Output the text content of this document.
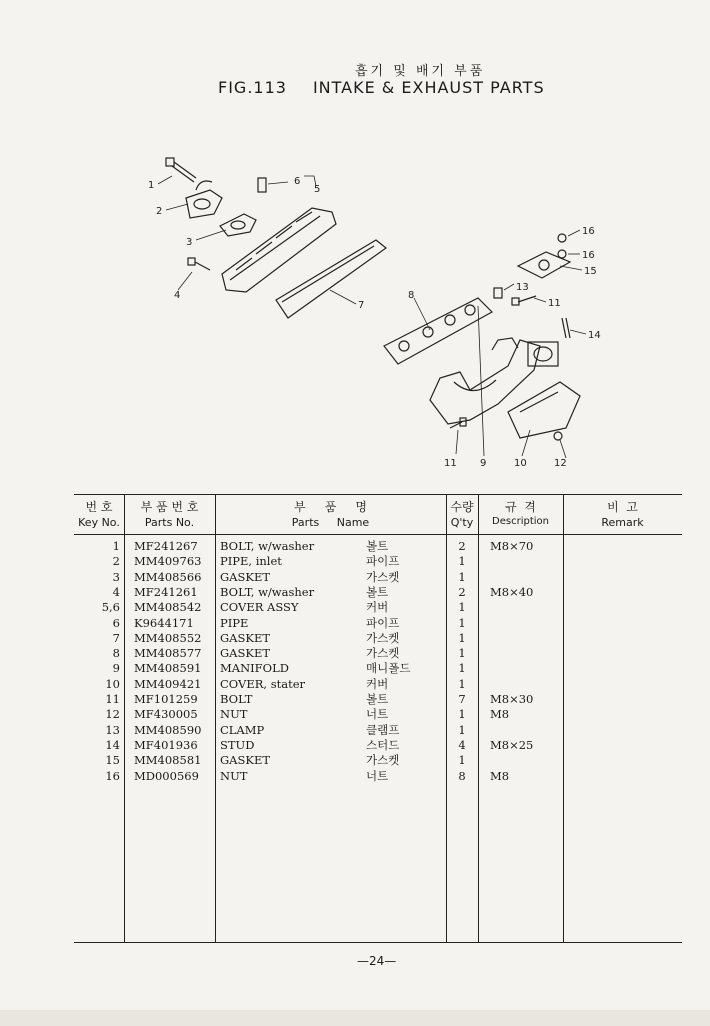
흡기 및 배기 부품
FIG.113 INTAKE & EXHAUST PARTS
1
2
3
4
5
6
7
8
9	10
11	12
13
14
15
16
16
11
번 호
Key No.
부 품 번 호
Parts No.
부     품     명
Parts     Name
수량
Q'ty
규  격
Description
비  고
Remark
1 MF241267	BOLT, w/washer	볼트	2	M8×70
2 MM409763	PIPE, inlet	파이프	1
3 MM408566	GASKET	가스켓	1
4 MF241261	BOLT, w/washer	볼트	2	M8×40
5,6 MM408542	COVER ASSY	커버	1
6 K9644171	PIPE	파이프	1
7 MM408552	GASKET	가스켓	1
8 MM408577	GASKET	가스켓	1
9 MM408591	MANIFOLD	매니폴드	1
10 MM409421	COVER, stater	커버	1
11 MF101259	BOLT	볼트	7	M8×30
12 MF430005	NUT	너트	1	M8
13 MM408590	CLAMP	클램프	1
14 MF401936	STUD	스터드	4	M8×25
15 MM408581	GASKET	가스켓	1
16 MD000569	NUT	너트	8	M8
—24—
